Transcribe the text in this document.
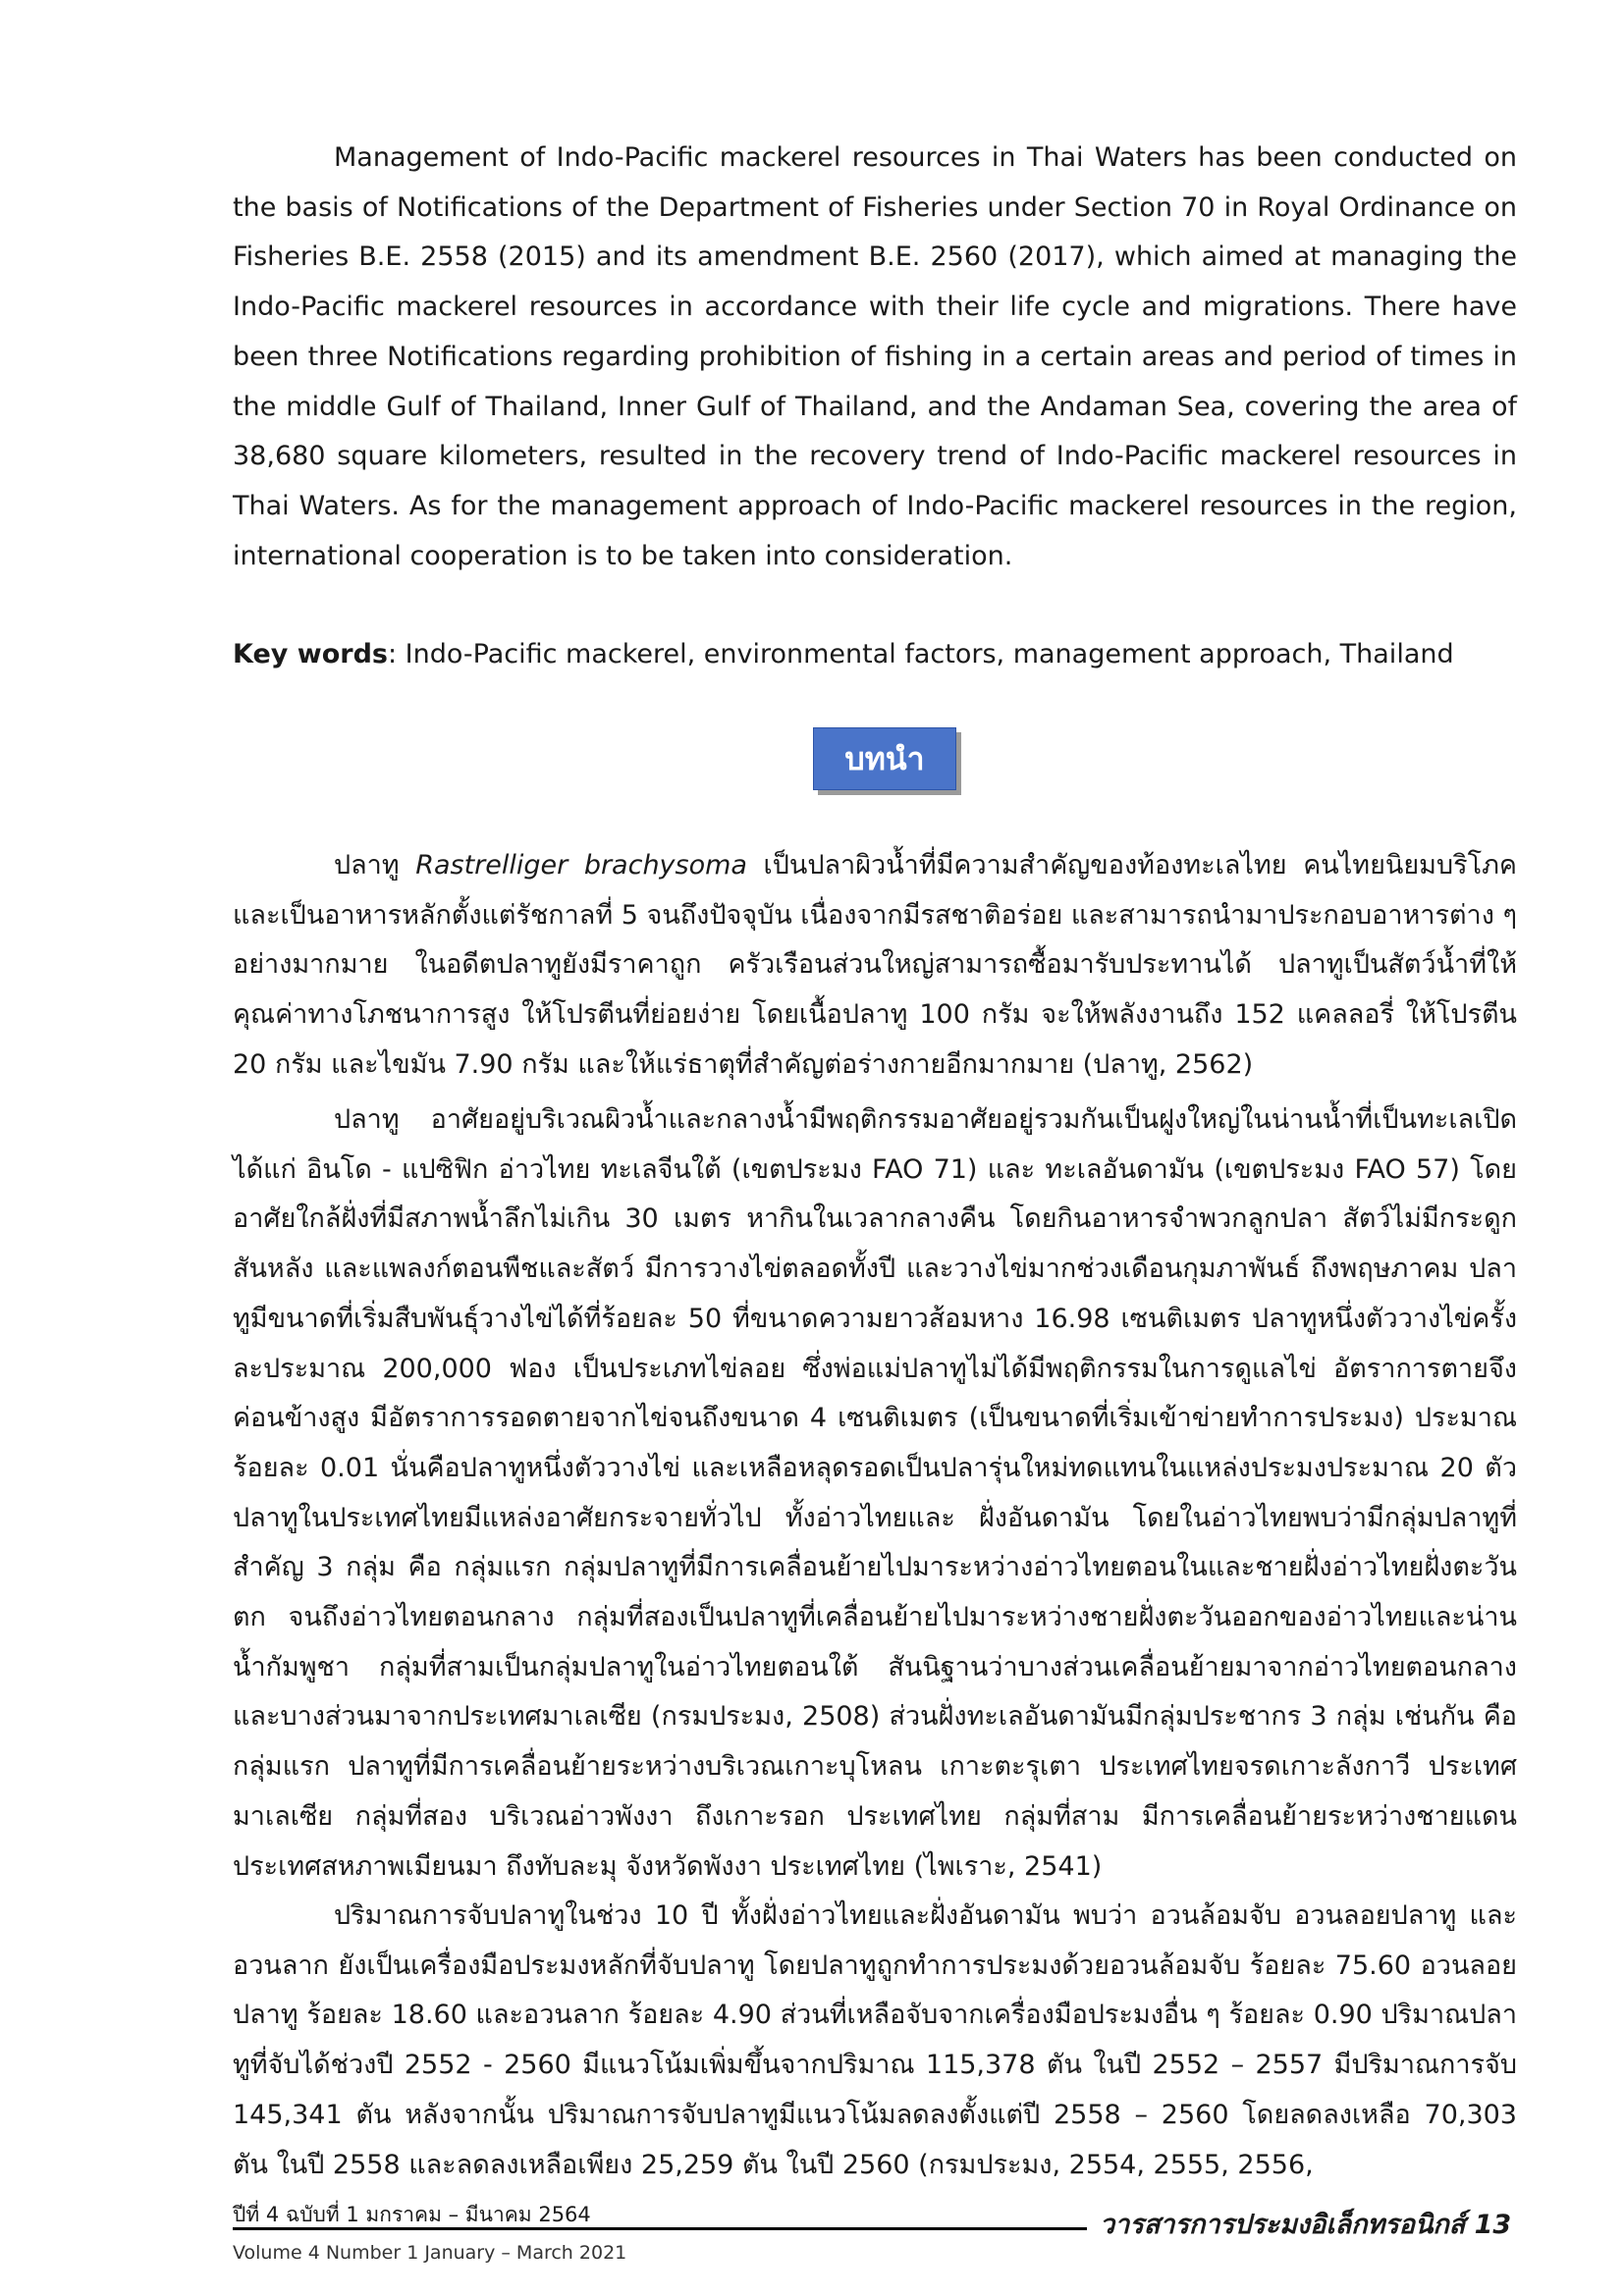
Management of Indo-Pacific mackerel resources in Thai Waters has been conducted on the basis of Notifications of the Department of Fisheries under Section 70 in Royal Ordinance on Fisheries B.E. 2558 (2015) and its amendment B.E. 2560 (2017), which aimed at managing the Indo-Pacific mackerel resources in accordance with their life cycle and migrations. There have been three Notifications regarding prohibition of fishing in a certain areas and period of times in the middle Gulf of Thailand, Inner Gulf of Thailand, and the Andaman Sea, covering the area of 38,680 square kilometers, resulted in the recovery trend of Indo-Pacific mackerel resources in Thai Waters. As for the management approach of Indo-Pacific mackerel resources in the region, international cooperation is to be taken into consideration.

Key words: Indo-Pacific mackerel, environmental factors, management approach, Thailand

บทนำ

ปลาทู Rastrelliger brachysoma เป็นปลาผิวน้ำที่มีความสำคัญของท้องทะเลไทย คนไทยนิยมบริโภคและเป็นอาหารหลักตั้งแต่รัชกาลที่ 5 จนถึงปัจจุบัน เนื่องจากมีรสชาติอร่อย และสามารถนำมาประกอบอาหารต่าง ๆ อย่างมากมาย ในอดีตปลาทูยังมีราคาถูก ครัวเรือนส่วนใหญ่สามารถซื้อมารับประทานได้ ปลาทูเป็นสัตว์น้ำที่ให้คุณค่าทางโภชนาการสูง ให้โปรตีนที่ย่อยง่าย โดยเนื้อปลาทู 100 กรัม จะให้พลังงานถึง 152 แคลลอรี่ ให้โปรตีน 20 กรัม และไขมัน 7.90 กรัม และให้แร่ธาตุที่สำคัญต่อร่างกายอีกมากมาย (ปลาทู, 2562)

ปลาทู อาศัยอยู่บริเวณผิวน้ำและกลางน้ำมีพฤติกรรมอาศัยอยู่รวมกันเป็นฝูงใหญ่ในน่านน้ำที่เป็นทะเลเปิด ได้แก่ อินโด - แปซิฟิก อ่าวไทย ทะเลจีนใต้ (เขตประมง FAO 71) และ ทะเลอันดามัน (เขตประมง FAO 57) โดยอาศัยใกล้ฝั่งที่มีสภาพน้ำลึกไม่เกิน 30 เมตร หากินในเวลากลางคืน โดยกินอาหารจำพวกลูกปลา สัตว์ไม่มีกระดูกสันหลัง และแพลงก์ตอนพืชและสัตว์ มีการวางไข่ตลอดทั้งปี และวางไข่มากช่วงเดือนกุมภาพันธ์ ถึงพฤษภาคม ปลาทูมีขนาดที่เริ่มสืบพันธุ์วางไข่ได้ที่ร้อยละ 50 ที่ขนาดความยาวส้อมหาง 16.98 เซนติเมตร ปลาทูหนึ่งตัววางไข่ครั้งละประมาณ 200,000 ฟอง เป็นประเภทไข่ลอย ซึ่งพ่อแม่ปลาทูไม่ได้มีพฤติกรรมในการดูแลไข่ อัตราการตายจึงค่อนข้างสูง มีอัตราการรอดตายจากไข่จนถึงขนาด 4 เซนติเมตร (เป็นขนาดที่เริ่มเข้าข่ายทำการประมง) ประมาณร้อยละ 0.01 นั่นคือปลาทูหนึ่งตัววางไข่ และเหลือหลุดรอดเป็นปลารุ่นใหม่ทดแทนในแหล่งประมงประมาณ 20 ตัว ปลาทูในประเทศไทยมีแหล่งอาศัยกระจายทั่วไป ทั้งอ่าวไทยและ ฝั่งอันดามัน โดยในอ่าวไทยพบว่ามีกลุ่มปลาทูที่สำคัญ 3 กลุ่ม คือ กลุ่มแรก กลุ่มปลาทูที่มีการเคลื่อนย้ายไปมาระหว่างอ่าวไทยตอนในและชายฝั่งอ่าวไทยฝั่งตะวันตก จนถึงอ่าวไทยตอนกลาง กลุ่มที่สองเป็นปลาทูที่เคลื่อนย้ายไปมาระหว่างชายฝั่งตะวันออกของอ่าวไทยและน่านน้ำกัมพูชา กลุ่มที่สามเป็นกลุ่มปลาทูในอ่าวไทยตอนใต้ สันนิฐานว่าบางส่วนเคลื่อนย้ายมาจากอ่าวไทยตอนกลาง และบางส่วนมาจากประเทศมาเลเซีย (กรมประมง, 2508) ส่วนฝั่งทะเลอันดามันมีกลุ่มประชากร 3 กลุ่ม เช่นกัน คือ กลุ่มแรก ปลาทูที่มีการเคลื่อนย้ายระหว่างบริเวณเกาะบุโหลน เกาะตะรุเตา ประเทศไทยจรดเกาะลังกาวี ประเทศมาเลเซีย กลุ่มที่สอง บริเวณอ่าวพังงา ถึงเกาะรอก ประเทศไทย กลุ่มที่สาม มีการเคลื่อนย้ายระหว่างชายแดนประเทศสหภาพเมียนมา ถึงทับละมุ จังหวัดพังงา ประเทศไทย (ไพเราะ, 2541)

ปริมาณการจับปลาทูในช่วง 10 ปี ทั้งฝั่งอ่าวไทยและฝั่งอันดามัน พบว่า อวนล้อมจับ อวนลอยปลาทู และอวนลาก ยังเป็นเครื่องมือประมงหลักที่จับปลาทู โดยปลาทูถูกทำการประมงด้วยอวนล้อมจับ ร้อยละ 75.60 อวนลอยปลาทู ร้อยละ 18.60 และอวนลาก ร้อยละ 4.90 ส่วนที่เหลือจับจากเครื่องมือประมงอื่น ๆ ร้อยละ 0.90 ปริมาณปลาทูที่จับได้ช่วงปี 2552 - 2560 มีแนวโน้มเพิ่มขึ้นจากปริมาณ 115,378 ตัน ในปี 2552 – 2557 มีปริมาณการจับ 145,341 ตัน หลังจากนั้น ปริมาณการจับปลาทูมีแนวโน้มลดลงตั้งแต่ปี 2558 – 2560 โดยลดลงเหลือ 70,303 ตัน ในปี 2558 และลดลงเหลือเพียง 25,259 ตัน ในปี 2560 (กรมประมง, 2554, 2555, 2556,

ปีที่ 4 ฉบับที่ 1 มกราคม – มีนาคม 2564	วารสารการประมงอิเล็กทรอนิกส์ 13
Volume 4 Number 1 January – March 2021
